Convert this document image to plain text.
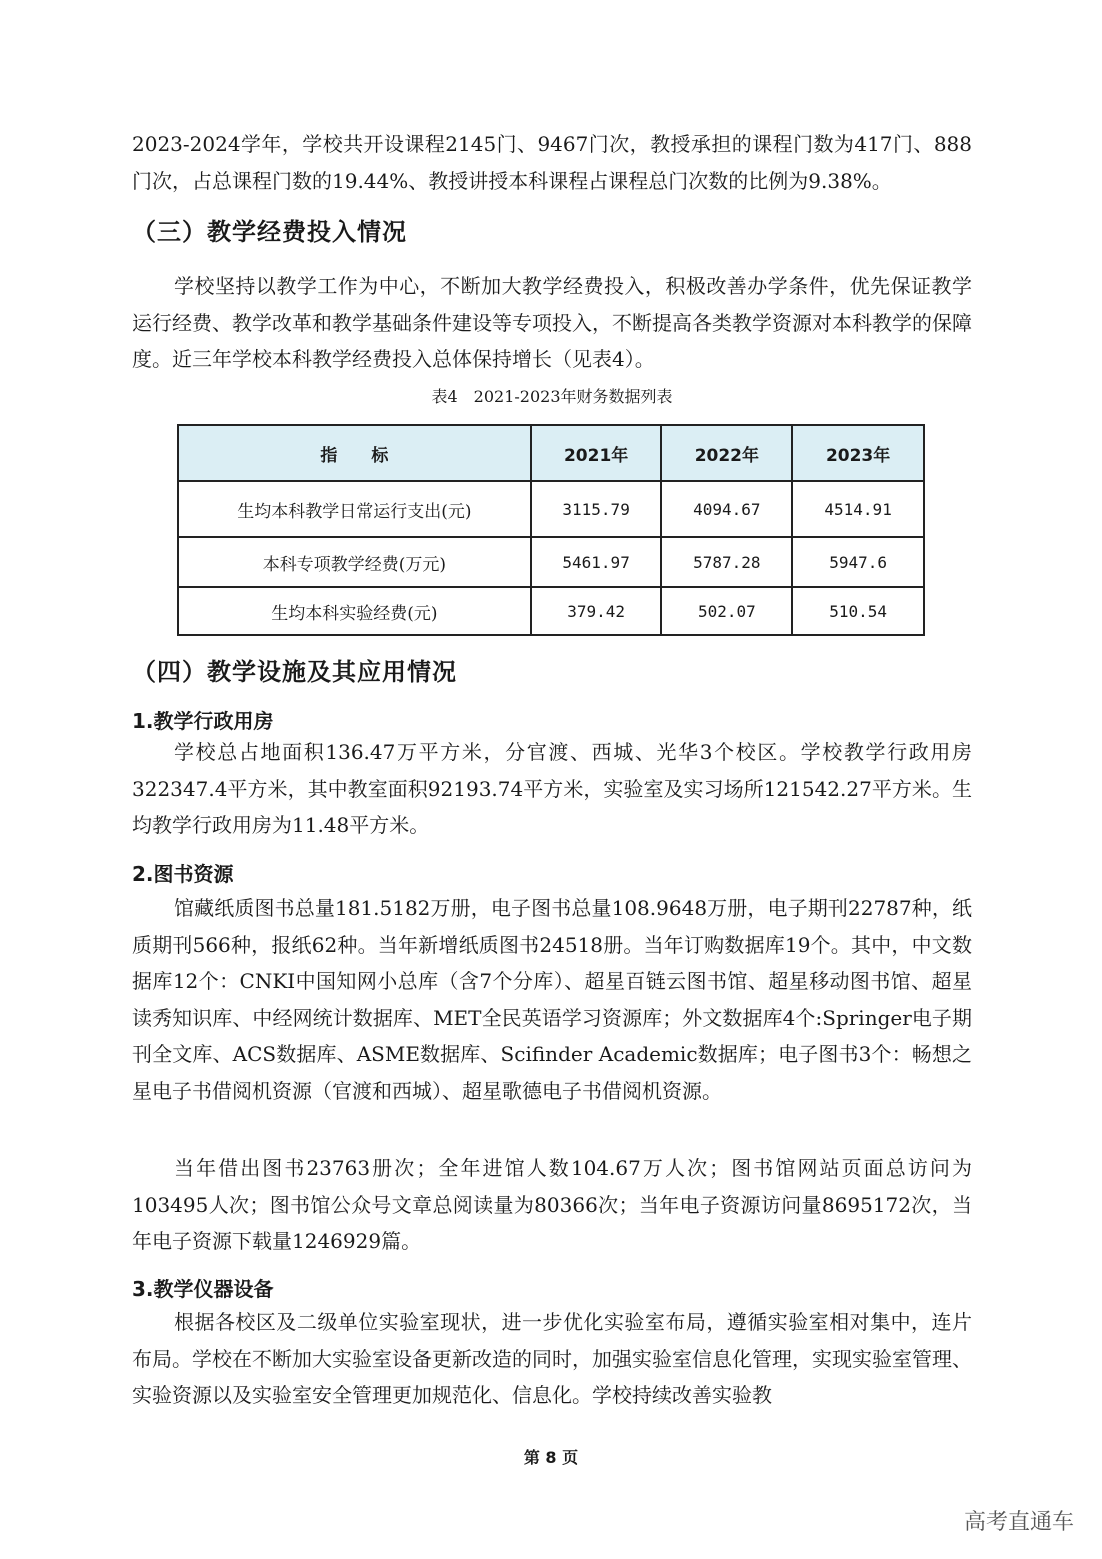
2023-2024学年，学校共开设课程2145门、9467门次，教授承担的课程门数为417门、888门次，占总课程门数的19.44%、教授讲授本科课程占课程总门次数的比例为9.38%。

（三）教学经费投入情况

学校坚持以教学工作为中心，不断加大教学经费投入，积极改善办学条件，优先保证教学运行经费、教学改革和教学基础条件建设等专项投入，不断提高各类教学资源对本科教学的保障度。近三年学校本科教学经费投入总体保持增长（见表4）。

表4　2021-2023年财务数据列表

指　　标	2021年	2022年	2023年
生均本科教学日常运行支出(元)	3115.79	4094.67	4514.91
本科专项教学经费(万元)	5461.97	5787.28	5947.6
生均本科实验经费(元)	379.42	502.07	510.54
（四）教学设施及其应用情况
1.教学行政用房

学校总占地面积136.47万平方米，分官渡、西城、光华3个校区。学校教学行政用房322347.4平方米，其中教室面积92193.74平方米，实验室及实习场所121542.27平方米。生均教学行政用房为11.48平方米。

2.图书资源

馆藏纸质图书总量181.5182万册，电子图书总量108.9648万册，电子期刊22787种，纸质期刊566种，报纸62种。当年新增纸质图书24518册。当年订购数据库19个。其中，中文数据库12个：CNKI中国知网小总库（含7个分库）、超星百链云图书馆、超星移动图书馆、超星读秀知识库、中经网统计数据库、MET全民英语学习资源库；外文数据库4个:Springer电子期刊全文库、ACS数据库、ASME数据库、Scifinder Academic数据库；电子图书3个：畅想之星电子书借阅机资源（官渡和西城）、超星歌德电子书借阅机资源。

当年借出图书23763册次；全年进馆人数104.67万人次；图书馆网站页面总访问为103495人次；图书馆公众号文章总阅读量为80366次；当年电子资源访问量8695172次，当年电子资源下载量1246929篇。

3.教学仪器设备

根据各校区及二级单位实验室现状，进一步优化实验室布局，遵循实验室相对集中，连片布局。学校在不断加大实验室设备更新改造的同时，加强实验室信息化管理，实现实验室管理、实验资源以及实验室安全管理更加规范化、信息化。学校持续改善实验教

第 8 页
高考直通车
